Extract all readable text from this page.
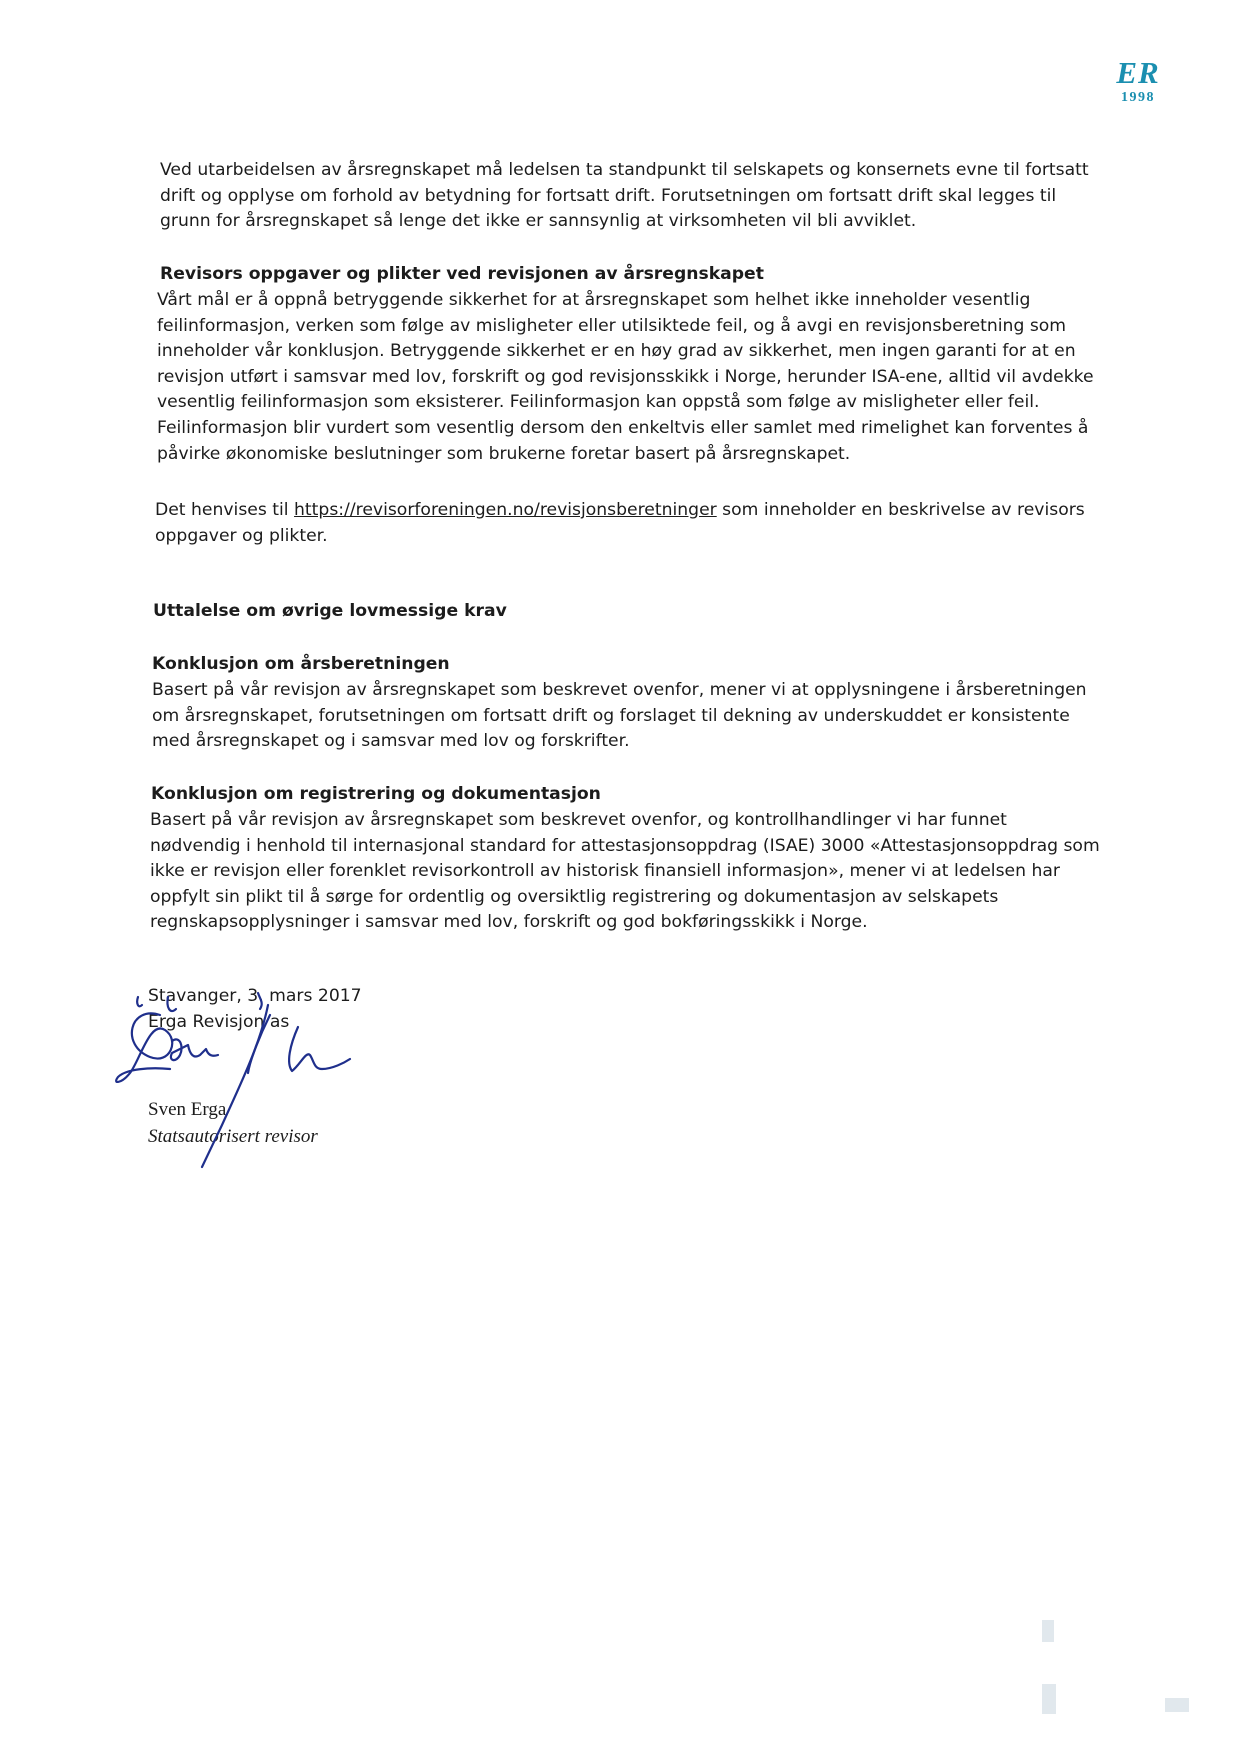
ER
1998

Ved utarbeidelsen av årsregnskapet må ledelsen ta standpunkt til selskapets og konsernets evne til fortsatt drift og opplyse om forhold av betydning for fortsatt drift. Forutsetningen om fortsatt drift skal legges til grunn for årsregnskapet så lenge det ikke er sannsynlig at virksomheten vil bli avviklet.

Revisors oppgaver og plikter ved revisjonen av årsregnskapet

Vårt mål er å oppnå betryggende sikkerhet for at årsregnskapet som helhet ikke inneholder vesentlig feilinformasjon, verken som følge av misligheter eller utilsiktede feil, og å avgi en revisjonsberetning som inneholder vår konklusjon. Betryggende sikkerhet er en høy grad av sikkerhet, men ingen garanti for at en revisjon utført i samsvar med lov, forskrift og god revisjonsskikk i Norge, herunder ISA-ene, alltid vil avdekke vesentlig feilinformasjon som eksisterer. Feilinformasjon kan oppstå som følge av misligheter eller feil. Feilinformasjon blir vurdert som vesentlig dersom den enkeltvis eller samlet med rimelighet kan forventes å påvirke økonomiske beslutninger som brukerne foretar basert på årsregnskapet.

Det henvises til https://revisorforeningen.no/revisjonsberetninger som inneholder en beskrivelse av revisors oppgaver og plikter.

Uttalelse om øvrige lovmessige krav

Konklusjon om årsberetningen

Basert på vår revisjon av årsregnskapet som beskrevet ovenfor, mener vi at opplysningene i årsberetningen om årsregnskapet, forutsetningen om fortsatt drift og forslaget til dekning av underskuddet er konsistente med årsregnskapet og i samsvar med lov og forskrifter.

Konklusjon om registrering og dokumentasjon

Basert på vår revisjon av årsregnskapet som beskrevet ovenfor, og kontrollhandlinger vi har funnet nødvendig i henhold til internasjonal standard for attestasjonsoppdrag (ISAE) 3000 «Attestasjonsoppdrag som ikke er revisjon eller forenklet revisorkontroll av historisk finansiell informasjon», mener vi at ledelsen har oppfylt sin plikt til å sørge for ordentlig og oversiktlig registrering og dokumentasjon av selskapets regnskapsopplysninger i samsvar med lov, forskrift og god bokføringsskikk i Norge.

Stavanger, 3. mars 2017
Erga Revisjon as
Sven Erga
Statsautorisert revisor
